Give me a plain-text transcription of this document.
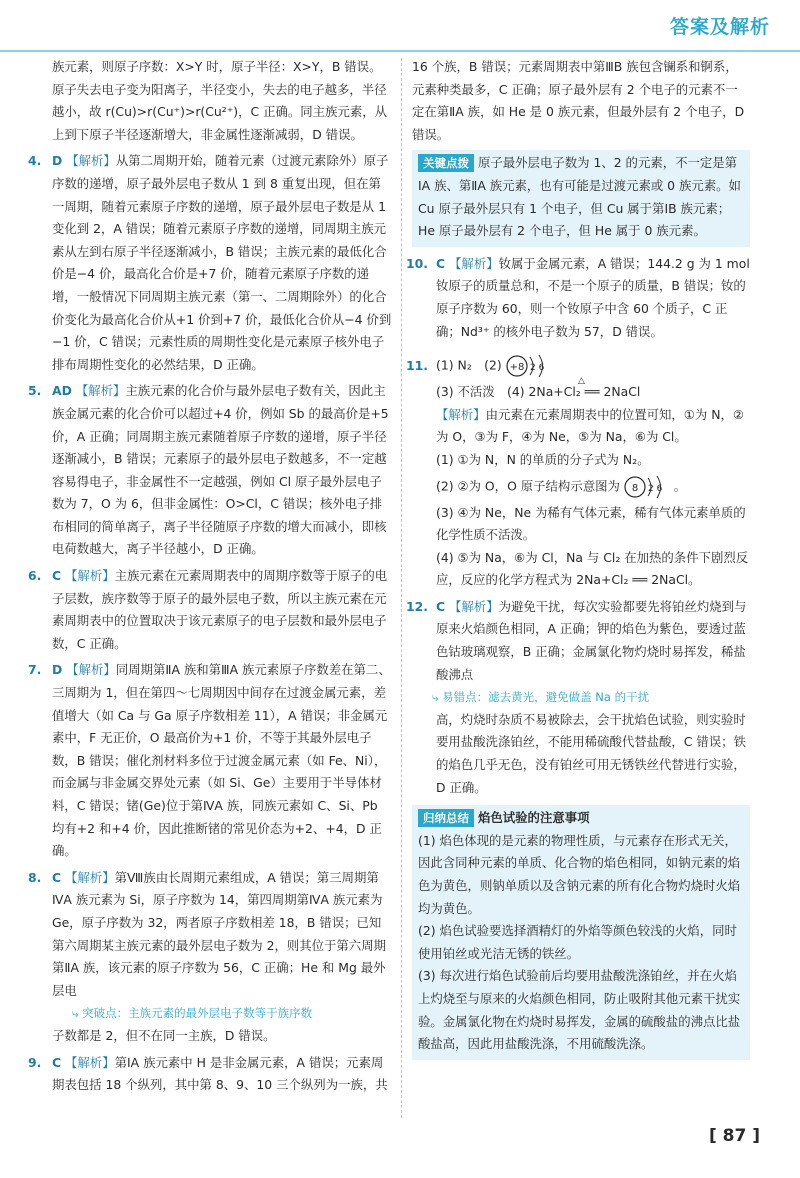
答案及解析

族元素，则原子序数：X>Y 时，原子半径：X>Y，B 错误。原子失去电子变为阳离子，半径变小，失去的电子越多，半径越小，故 r(Cu)>r(Cu⁺)>r(Cu²⁺)，C 正确。同主族元素，从上到下原子半径逐渐增大，非金属性逐渐减弱，D 错误。

4. D 【解析】从第二周期开始，随着元素（过渡元素除外）原子序数的递增，原子最外层电子数从 1 到 8 重复出现，但在第一周期，随着元素原子序数的递增，原子最外层电子数是从 1 变化到 2，A 错误；随着元素原子序数的递增，同周期主族元素从左到右原子半径逐渐减小，B 错误；主族元素的最低化合价是−4 价，最高化合价是+7 价，随着元素原子序数的递增，一般情况下同周期主族元素（第一、二周期除外）的化合价变化为最高化合价从+1 价到+7 价，最低化合价从−4 价到−1 价，C 错误；元素性质的周期性变化是元素原子核外电子排布周期性变化的必然结果，D 正确。

5. AD 【解析】主族元素的化合价与最外层电子数有关，因此主族金属元素的化合价可以超过+4 价，例如 Sb 的最高价是+5 价，A 正确；同周期主族元素随着原子序数的递增，原子半径逐渐减小，B 错误；元素原子的最外层电子数越多，不一定越容易得电子，非金属性不一定越强，例如 Cl 原子最外层电子数为 7，O 为 6，但非金属性：O>Cl，C 错误；核外电子排布相同的简单离子，离子半径随原子序数的增大而减小，即核电荷数越大，离子半径越小，D 正确。

6. C 【解析】主族元素在元素周期表中的周期序数等于原子的电子层数，族序数等于原子的最外层电子数，所以主族元素在元素周期表中的位置取决于该元素原子的电子层数和最外层电子数，C 正确。

7. D 【解析】同周期第ⅡA 族和第ⅢA 族元素原子序数差在第二、三周期为 1，但在第四～七周期因中间存在过渡金属元素，差值增大（如 Ca 与 Ga 原子序数相差 11），A 错误；非金属元素中，F 无正价，O 最高价为+1 价，不等于其最外层电子数，B 错误；催化剂材料多位于过渡金属元素（如 Fe、Ni），而金属与非金属交界处元素（如 Si、Ge）主要用于半导体材料，C 错误；锗(Ge)位于第ⅣA 族，同族元素如 C、Si、Pb 均有+2 和+4 价，因此推断锗的常见价态为+2、+4，D 正确。

8. C 【解析】第Ⅷ族由长周期元素组成，A 错误；第三周期第ⅣA 族元素为 Si，原子序数为 14，第四周期第ⅣA 族元素为 Ge，原子序数为 32，两者原子序数相差 18，B 错误；已知第六周期某主族元素的最外层电子数为 2，则其位于第六周期第ⅡA 族，该元素的原子序数为 56，C 正确；He 和 Mg 最外层电

⤷ 突破点：主族元素的最外层电子数等于族序数

子数都是 2，但不在同一主族，D 错误。

9. C 【解析】第ⅠA 族元素中 H 是非金属元素，A 错误；元素周期表包括 18 个纵列，其中第 8、9、10 三个纵列为一族，共

16 个族，B 错误；元素周期表中第ⅢB 族包含镧系和锕系，元素种类最多，C 正确；原子最外层有 2 个电子的元素不一定在第ⅡA 族，如 He 是 0 族元素，但最外层有 2 个电子，D 错误。

关键点拨 原子最外层电子数为 1、2 的元素，不一定是第ⅠA 族、第ⅡA 族元素，也有可能是过渡元素或 0 族元素。如 Cu 原子最外层只有 1 个电子，但 Cu 属于第ⅠB 族元素；He 原子最外层有 2 个电子，但 He 属于 0 族元素。

10. C 【解析】钕属于金属元素，A 错误；144.2 g 为 1 mol 钕原子的质量总和，不是一个原子的质量，B 错误；钕的原子序数为 60，则一个钕原子中含 60 个质子，C 正确；Nd³⁺ 的核外电子数为 57，D 错误。

11. (1) N₂　(2) +8 2 6

△
(3) 不活泼　(4) 2Na+Cl₂ ══ 2NaCl

【解析】由元素在元素周期表中的位置可知，①为 N，②为 O，③为 F，④为 Ne，⑤为 Na，⑥为 Cl。

(1) ①为 N，N 的单质的分子式为 N₂。

(2) ②为 O，O 原子结构示意图为 8 2 6 。

(3) ④为 Ne，Ne 为稀有气体元素，稀有气体元素单质的化学性质不活泼。

(4) ⑤为 Na，⑥为 Cl，Na 与 Cl₂ 在加热的条件下剧烈反应，反应的化学方程式为 2Na+Cl₂ ══ 2NaCl。

12. C 【解析】为避免干扰，每次实验都要先将铂丝灼烧到与原来火焰颜色相同，A 正确；钾的焰色为紫色，要透过蓝色钴玻璃观察，B 正确；金属氯化物灼烧时易挥发，稀盐酸沸点

⤷ 易错点：滤去黄光，避免做盖 Na 的干扰

高，灼烧时杂质不易被除去，会干扰焰色试验，则实验时要用盐酸洗涤铂丝，不能用稀硫酸代替盐酸，C 错误；铁的焰色几乎无色，没有铂丝可用无锈铁丝代替进行实验，D 正确。

归纳总结 焰色试验的注意事项

(1) 焰色体现的是元素的物理性质，与元素存在形式无关，因此含同种元素的单质、化合物的焰色相同，如钠元素的焰色为黄色，则钠单质以及含钠元素的所有化合物灼烧时火焰均为黄色。

(2) 焰色试验要选择酒精灯的外焰等颜色较浅的火焰，同时使用铂丝或光洁无锈的铁丝。

(3) 每次进行焰色试验前后均要用盐酸洗涤铂丝，并在火焰上灼烧至与原来的火焰颜色相同，防止吸附其他元素干扰实验。金属氯化物在灼烧时易挥发，金属的硫酸盐的沸点比盐酸盐高，因此用盐酸洗涤，不用硫酸洗涤。

[ 87 ]
